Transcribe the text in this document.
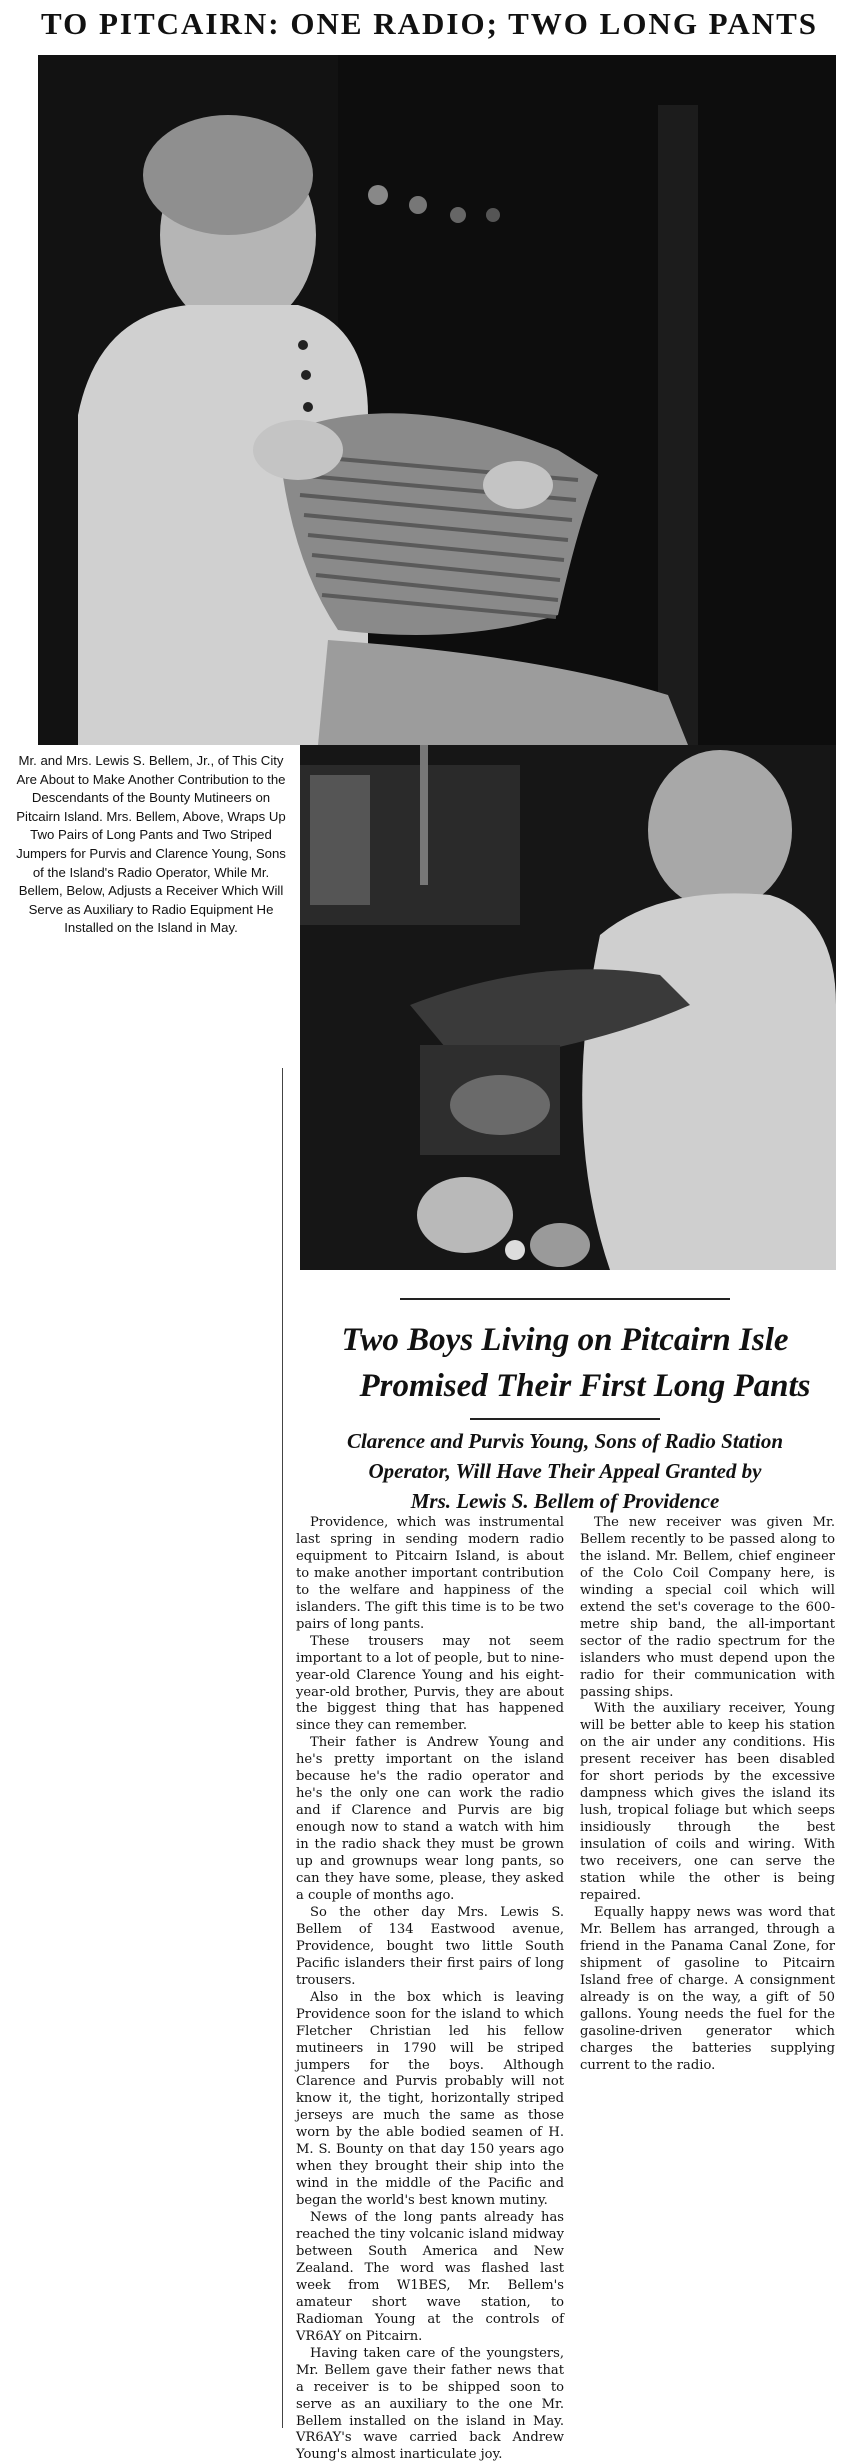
TO PITCAIRN: ONE RADIO; TWO LONG PANTS
Mr. and Mrs. Lewis S. Bellem, Jr., of This City Are About to Make Another Contribution to the Descendants of the Bounty Mutineers on Pitcairn Island. Mrs. Bellem, Above, Wraps Up Two Pairs of Long Pants and Two Striped Jumpers for Purvis and Clarence Young, Sons of the Island's Radio Operator, While Mr. Bellem, Below, Adjusts a Receiver Which Will Serve as Auxiliary to Radio Equipment He Installed on the Island in May.
Two Boys Living on Pitcairn Isle
Promised Their First Long Pants
Clarence and Purvis Young, Sons of Radio Station
Operator, Will Have Their Appeal Granted by
Mrs. Lewis S. Bellem of Providence

Providence, which was instrumental last spring in sending modern radio equipment to Pitcairn Island, is about to make another important contribution to the welfare and happiness of the islanders. The gift this time is to be two pairs of long pants.

These trousers may not seem important to a lot of people, but to nine-year-old Clarence Young and his eight-year-old brother, Purvis, they are about the biggest thing that has happened since they can remember.

Their father is Andrew Young and he's pretty important on the island because he's the radio operator and he's the only one can work the radio and if Clarence and Purvis are big enough now to stand a watch with him in the radio shack they must be grown up and grownups wear long pants, so can they have some, please, they asked a couple of months ago.

So the other day Mrs. Lewis S. Bellem of 134 Eastwood avenue, Providence, bought two little South Pacific islanders their first pairs of long trousers.

Also in the box which is leaving Providence soon for the island to which Fletcher Christian led his fellow mutineers in 1790 will be striped jumpers for the boys. Although Clarence and Purvis probably will not know it, the tight, horizontally striped jerseys are much the same as those worn by the able bodied seamen of H. M. S. Bounty on that day 150 years ago when they brought their ship into the wind in the middle of the Pacific and began the world's best known mutiny.

News of the long pants already has reached the tiny volcanic island midway between South America and New Zealand. The word was flashed last week from W1BES, Mr. Bellem's amateur short wave station, to Radioman Young at the controls of VR6AY on Pitcairn.

Having taken care of the youngsters, Mr. Bellem gave their father news that a receiver is to be shipped soon to serve as an auxiliary to the one Mr. Bellem installed on the island in May. VR6AY's wave carried back Andrew Young's almost inarticulate joy.

The new receiver was given Mr. Bellem recently to be passed along to the island. Mr. Bellem, chief engineer of the Colo Coil Company here, is winding a special coil which will extend the set's coverage to the 600-metre ship band, the all-important sector of the radio spectrum for the islanders who must depend upon the radio for their communication with passing ships.

With the auxiliary receiver, Young will be better able to keep his station on the air under any conditions. His present receiver has been disabled for short periods by the excessive dampness which gives the island its lush, tropical foliage but which seeps insidiously through the best insulation of coils and wiring. With two receivers, one can serve the station while the other is being repaired.

Equally happy news was word that Mr. Bellem has arranged, through a friend in the Panama Canal Zone, for shipment of gasoline to Pitcairn Island free of charge. A consignment already is on the way, a gift of 50 gallons. Young needs the fuel for the gasoline-driven generator which charges the batteries supplying current to the radio.
